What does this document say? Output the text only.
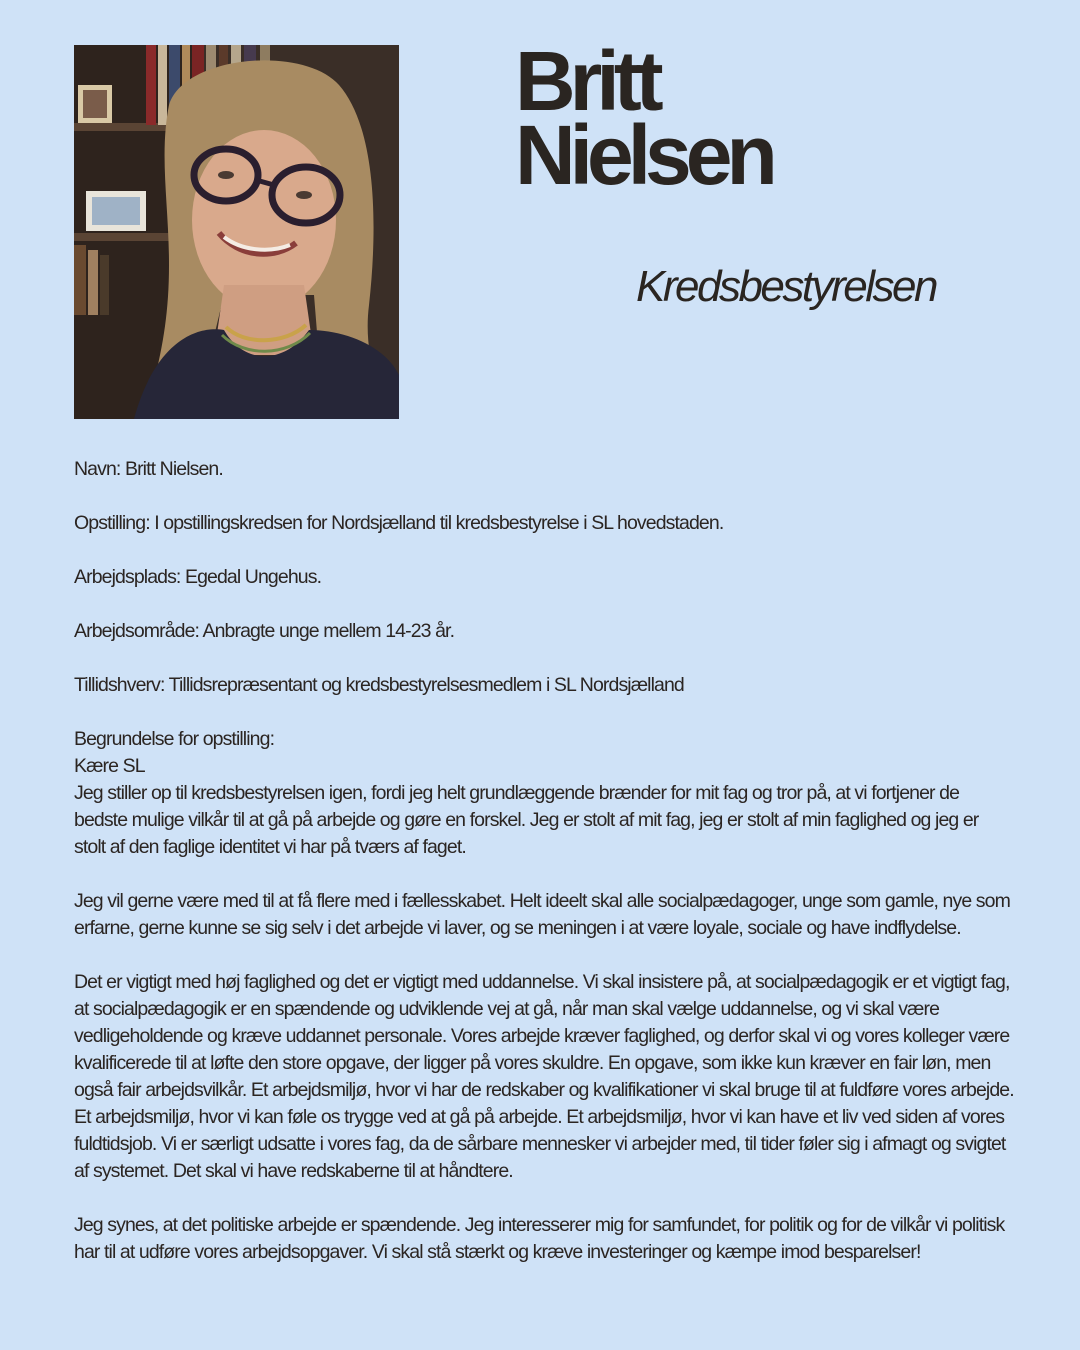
Britt
Nielsen
Kredsbestyrelsen

Navn: Britt Nielsen.

Opstilling: I opstillingskredsen for Nordsjælland til kredsbestyrelse i SL hovedstaden.

Arbejdsplads: Egedal Ungehus.

Arbejdsområde: Anbragte unge mellem 14-23 år.

Tillidshverv: Tillidsrepræsentant og kredsbestyrelsesmedlem i SL Nordsjælland

Begrundelse for opstilling:

Kære SL

Jeg stiller op til kredsbestyrelsen igen, fordi jeg helt grundlæggende brænder for mit fag og tror på, at vi fortjener de bedste mulige vilkår til at gå på arbejde og gøre en forskel. Jeg er stolt af mit fag, jeg er stolt af min faglighed og jeg er stolt af den faglige identitet vi har på tværs af faget.

Jeg vil gerne være med til at få flere med i fællesskabet. Helt ideelt skal alle socialpædagoger, unge som gamle, nye som erfarne, gerne kunne se sig selv i det arbejde vi laver, og se meningen i at være loyale, sociale og have indflydelse.

Det er vigtigt med høj faglighed og det er vigtigt med uddannelse. Vi skal insistere på, at socialpædagogik er et vigtigt fag, at socialpædagogik er en spændende og udviklende vej at gå, når man skal vælge uddannelse, og vi skal være vedligeholdende og kræve uddannet personale. Vores arbejde kræver faglighed, og derfor skal vi og vores kolleger være kvalificerede til at løfte den store opgave, der ligger på vores skuldre. En opgave, som ikke kun kræver en fair løn, men også fair arbejdsvilkår. Et arbejdsmiljø, hvor vi har de redskaber og kvalifikationer vi skal bruge til at fuldføre vores arbejde. Et arbejdsmiljø, hvor vi kan føle os trygge ved at gå på arbejde. Et arbejdsmiljø, hvor vi kan have et liv ved siden af vores fuldtidsjob. Vi er særligt udsatte i vores fag, da de sårbare mennesker vi arbejder med, til tider føler sig i afmagt og svigtet af systemet. Det skal vi have redskaberne til at håndtere.

Jeg synes, at det politiske arbejde er spændende. Jeg interesserer mig for samfundet, for politik og for de vilkår vi politisk har til at udføre vores arbejdsopgaver. Vi skal stå stærkt og kræve investeringer og kæmpe imod besparelser!
